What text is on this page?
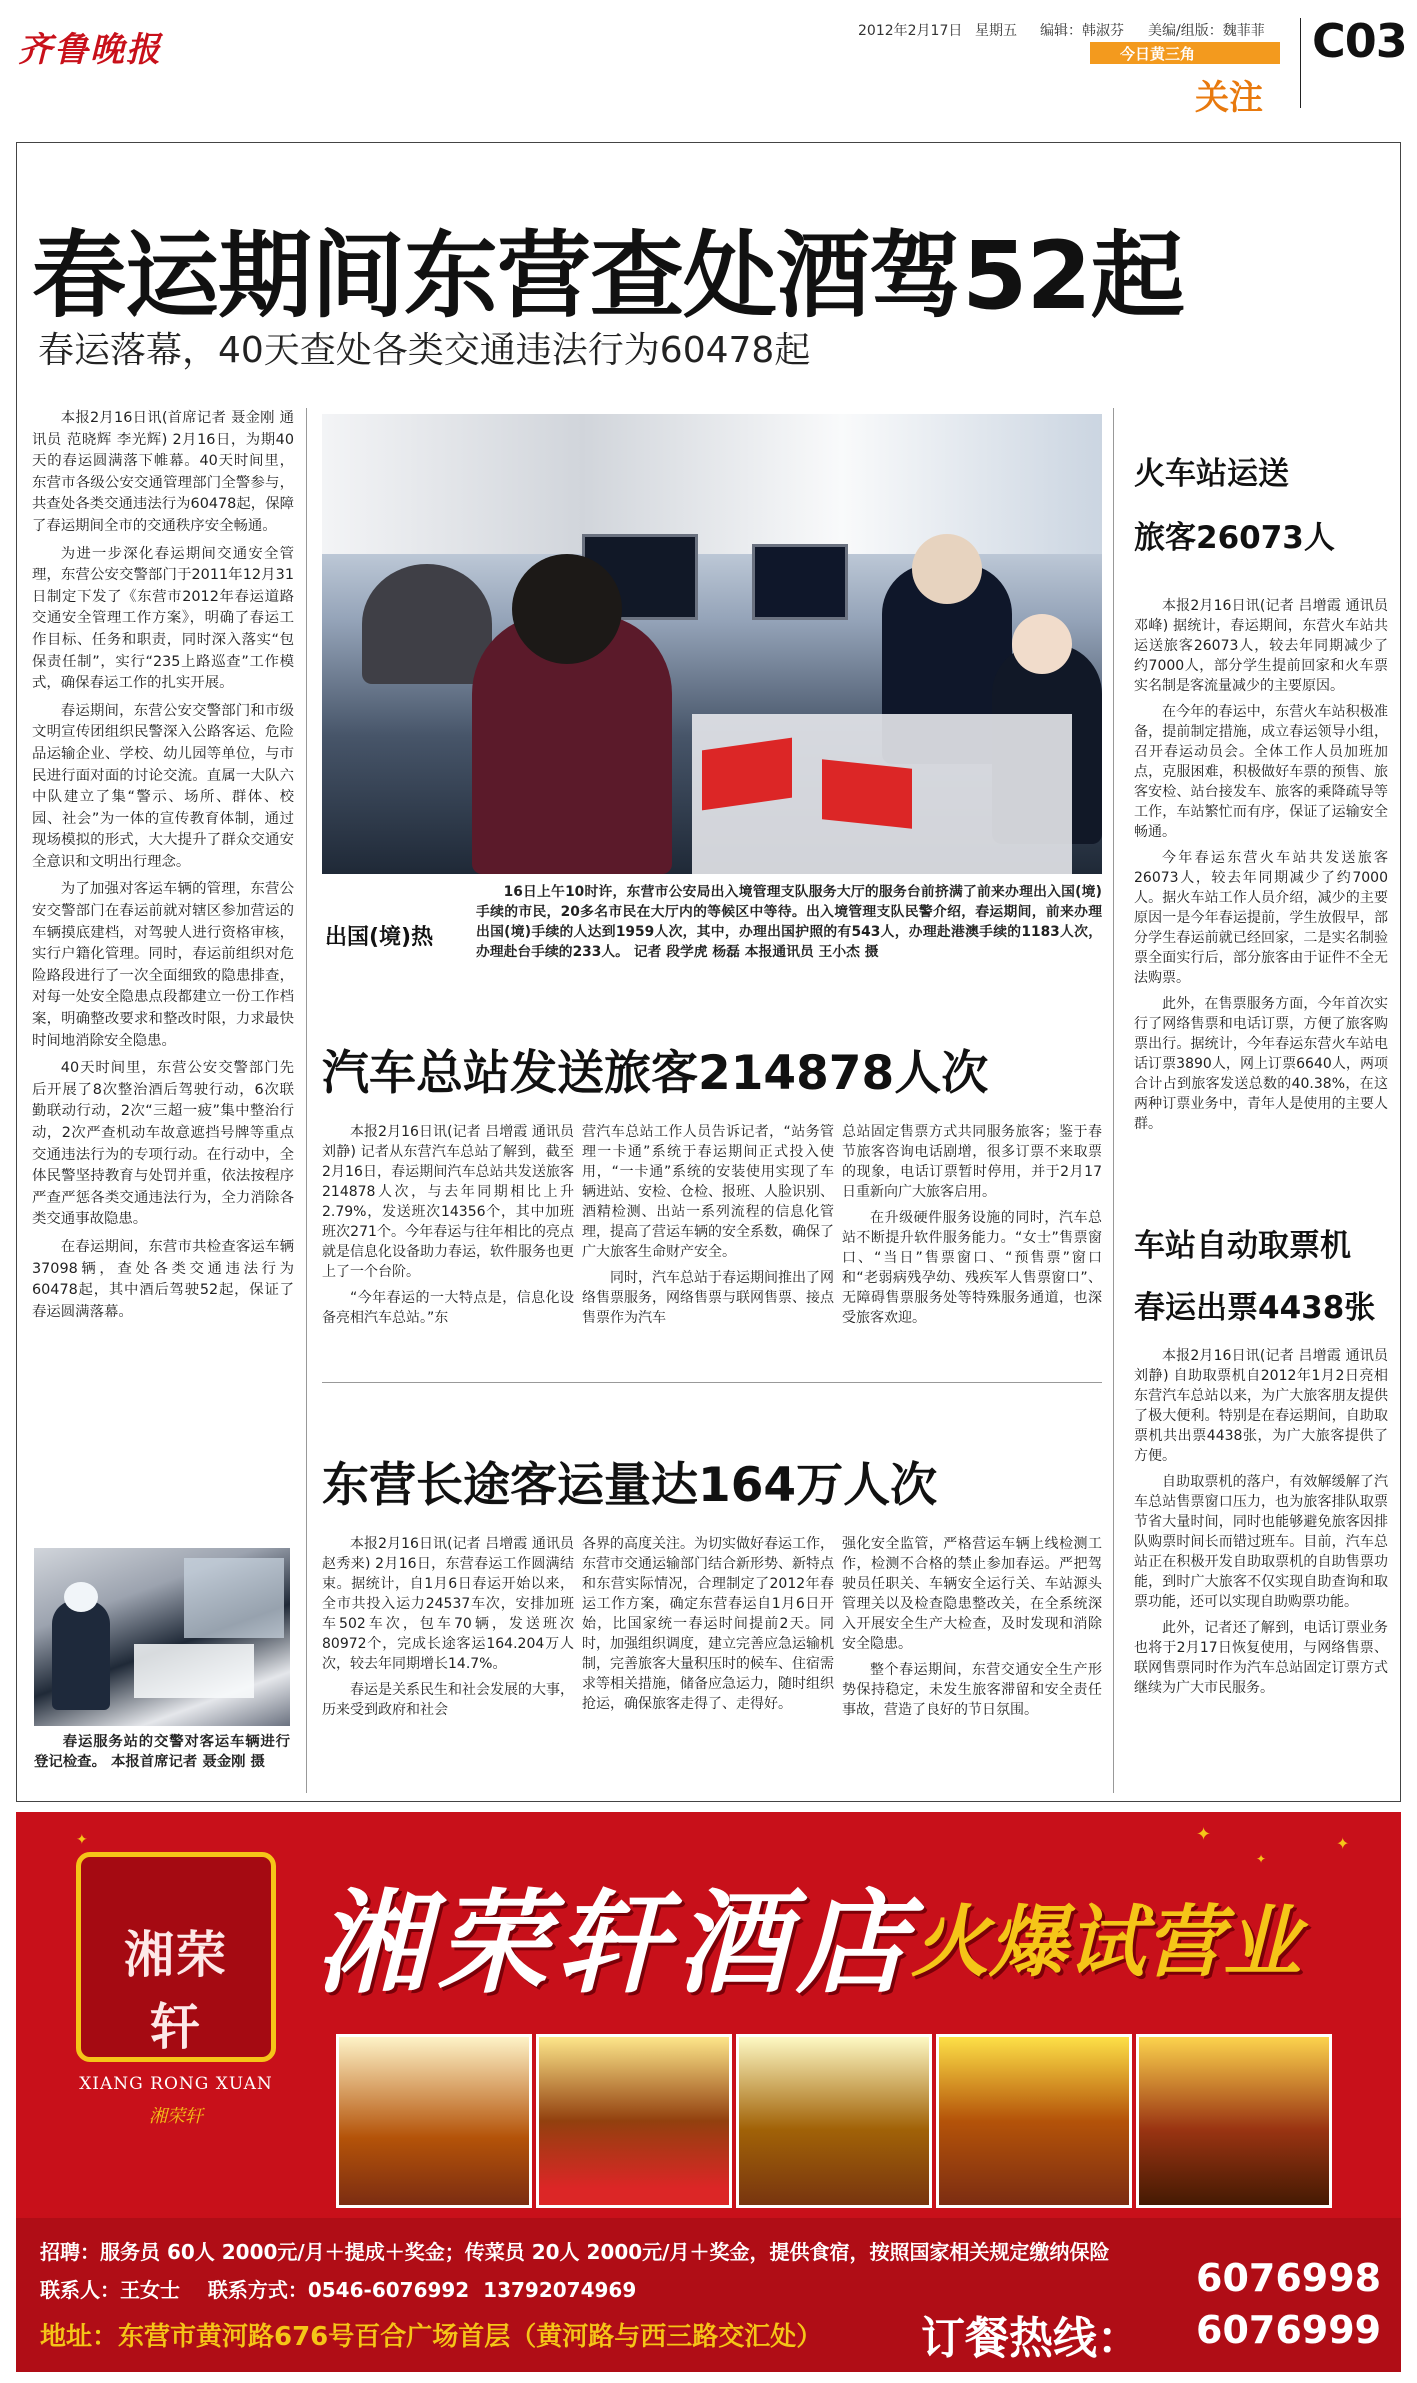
齐鲁晚报	2012年2月17日 星期五 编辑：韩淑芬 美编/组版：魏菲菲
今日黄三角
关注
C03
春运期间东营查处酒驾52起
春运落幕，40天查处各类交通违法行为60478起

本报2月16日讯(首席记者 聂金刚 通讯员 范晓辉 李光辉) 2月16日，为期40天的春运圆满落下帷幕。40天时间里，东营市各级公安交通管理部门全警参与，共查处各类交通违法行为60478起，保障了春运期间全市的交通秩序安全畅通。

为进一步深化春运期间交通安全管理，东营公安交警部门于2011年12月31日制定下发了《东营市2012年春运道路交通安全管理工作方案》，明确了春运工作目标、任务和职责，同时深入落实“包保责任制”，实行“235上路巡查”工作模式，确保春运工作的扎实开展。

春运期间，东营公安交警部门和市级文明宣传团组织民警深入公路客运、危险品运输企业、学校、幼儿园等单位，与市民进行面对面的讨论交流。直属一大队六中队建立了集“警示、场所、群体、校园、社会”为一体的宣传教育体制，通过现场模拟的形式，大大提升了群众交通安全意识和文明出行理念。

为了加强对客运车辆的管理，东营公安交警部门在春运前就对辖区参加营运的车辆摸底建档，对驾驶人进行资格审核，实行户籍化管理。同时，春运前组织对危险路段进行了一次全面细致的隐患排查，对每一处安全隐患点段都建立一份工作档案，明确整改要求和整改时限，力求最快时间地消除安全隐患。

40天时间里，东营公安交警部门先后开展了8次整治酒后驾驶行动，6次联勤联动行动，2次“三超一疲”集中整治行动，2次严查机动车故意遮挡号牌等重点交通违法行为的专项行动。在行动中，全体民警坚持教育与处罚并重，依法按程序严查严惩各类交通违法行为，全力消除各类交通事故隐患。

在春运期间，东营市共检查客运车辆37098辆，查处各类交通违法行为60478起，其中酒后驾驶52起，保证了春运圆满落幕。

春运服务站的交警对客运车辆进行登记检查。 本报首席记者 聂金刚 摄
出国(境)热
16日上午10时许，东营市公安局出入境管理支队服务大厅的服务台前挤满了前来办理出入国(境)手续的市民，20多名市民在大厅内的等候区中等待。出入境管理支队民警介绍，春运期间，前来办理出国(境)手续的人达到1959人次，其中，办理出国护照的有543人，办理赴港澳手续的1183人次，办理赴台手续的233人。 记者 段学虎 杨磊 本报通讯员 王小杰 摄
汽车总站发送旅客214878人次

本报2月16日讯(记者 吕增霞 通讯员 刘静) 记者从东营汽车总站了解到，截至2月16日，春运期间汽车总站共发送旅客214878人次，与去年同期相比上升2.79%，发送班次14356个，其中加班班次271个。今年春运与往年相比的亮点就是信息化设备助力春运，软件服务也更上了一个台阶。

“今年春运的一大特点是，信息化设备亮相汽车总站。”东

营汽车总站工作人员告诉记者，“站务管理一卡通”系统于春运期间正式投入使用，“一卡通”系统的安装使用实现了车辆进站、安检、仓检、报班、人脸识别、酒精检测、出站一系列流程的信息化管理，提高了营运车辆的安全系数，确保了广大旅客生命财产安全。

同时，汽车总站于春运期间推出了网络售票服务，网络售票与联网售票、接点售票作为汽车

总站固定售票方式共同服务旅客；鉴于春节旅客咨询电话剧增，很多订票不来取票的现象，电话订票暂时停用，并于2月17日重新向广大旅客启用。

在升级硬件服务设施的同时，汽车总站不断提升软件服务能力。“女士”售票窗口、“当日”售票窗口、“预售票”窗口和“老弱病残孕幼、残疾军人售票窗口”、无障碍售票服务处等特殊服务通道，也深受旅客欢迎。

东营长途客运量达164万人次

本报2月16日讯(记者 吕增霞 通讯员 赵秀来) 2月16日，东营春运工作圆满结束。据统计，自1月6日春运开始以来，全市共投入运力24537车次，安排加班车502车次，包车70辆，发送班次80972个，完成长途客运164.204万人次，较去年同期增长14.7%。

春运是关系民生和社会发展的大事，历来受到政府和社会

各界的高度关注。为切实做好春运工作，东营市交通运输部门结合新形势、新特点和东营实际情况，合理制定了2012年春运工作方案，确定东营春运自1月6日开始，比国家统一春运时间提前2天。同时，加强组织调度，建立完善应急运输机制，完善旅客大量积压时的候车、住宿需求等相关措施，储备应急运力，随时组织抢运，确保旅客走得了、走得好。

强化安全监管，严格营运车辆上线检测工作，检测不合格的禁止参加春运。严把驾驶员任职关、车辆安全运行关、车站源头管理关以及检查隐患整改关，在全系统深入开展安全生产大检查，及时发现和消除安全隐患。

整个春运期间，东营交通安全生产形势保持稳定，未发生旅客滞留和安全责任事故，营造了良好的节日氛围。

火车站运送
旅客26073人

本报2月16日讯(记者 吕增霞 通讯员 邓峰) 据统计，春运期间，东营火车站共运送旅客26073人，较去年同期减少了约7000人，部分学生提前回家和火车票实名制是客流量减少的主要原因。

在今年的春运中，东营火车站积极准备，提前制定措施，成立春运领导小组，召开春运动员会。全体工作人员加班加点，克服困难，积极做好车票的预售、旅客安检、站台接发车、旅客的乘降疏导等工作，车站繁忙而有序，保证了运输安全畅通。

今年春运东营火车站共发送旅客26073人，较去年同期减少了约7000人。据火车站工作人员介绍，减少的主要原因一是今年春运提前，学生放假早，部分学生春运前就已经回家，二是实名制验票全面实行后，部分旅客由于证件不全无法购票。

此外，在售票服务方面，今年首次实行了网络售票和电话订票，方便了旅客购票出行。据统计，今年春运东营火车站电话订票3890人，网上订票6640人，两项合计占到旅客发送总数的40.38%，在这两种订票业务中，青年人是使用的主要人群。

车站自动取票机
春运出票4438张

本报2月16日讯(记者 吕增霞 通讯员 刘静) 自助取票机自2012年1月2日亮相东营汽车总站以来，为广大旅客朋友提供了极大便利。特别是在春运期间，自助取票机共出票4438张，为广大旅客提供了方便。

自助取票机的落户，有效解缓解了汽车总站售票窗口压力，也为旅客排队取票节省大量时间，同时也能够避免旅客因排队购票时间长而错过班车。目前，汽车总站正在积极开发自助取票机的自助售票功能，到时广大旅客不仅实现自助查询和取票功能，还可以实现自助购票功能。

此外，记者还了解到，电话订票业务也将于2月17日恢复使用，与网络售票、联网售票同时作为汽车总站固定订票方式继续为广大市民服务。

✦
✦
✦
✦
湘荣轩
XIANG RONG XUAN
湘荣轩
湘荣轩酒店
火爆试营业
招聘：服务员 60人 2000元/月＋提成＋奖金；传菜员 20人 2000元/月＋奖金，提供食宿，按照国家相关规定缴纳保险
联系人：王女士    联系方式：0546-6076992  13792074969
地址：东营市黄河路676号百合广场首层（黄河路与西三路交汇处） 订餐热线：
6076998
6076999
